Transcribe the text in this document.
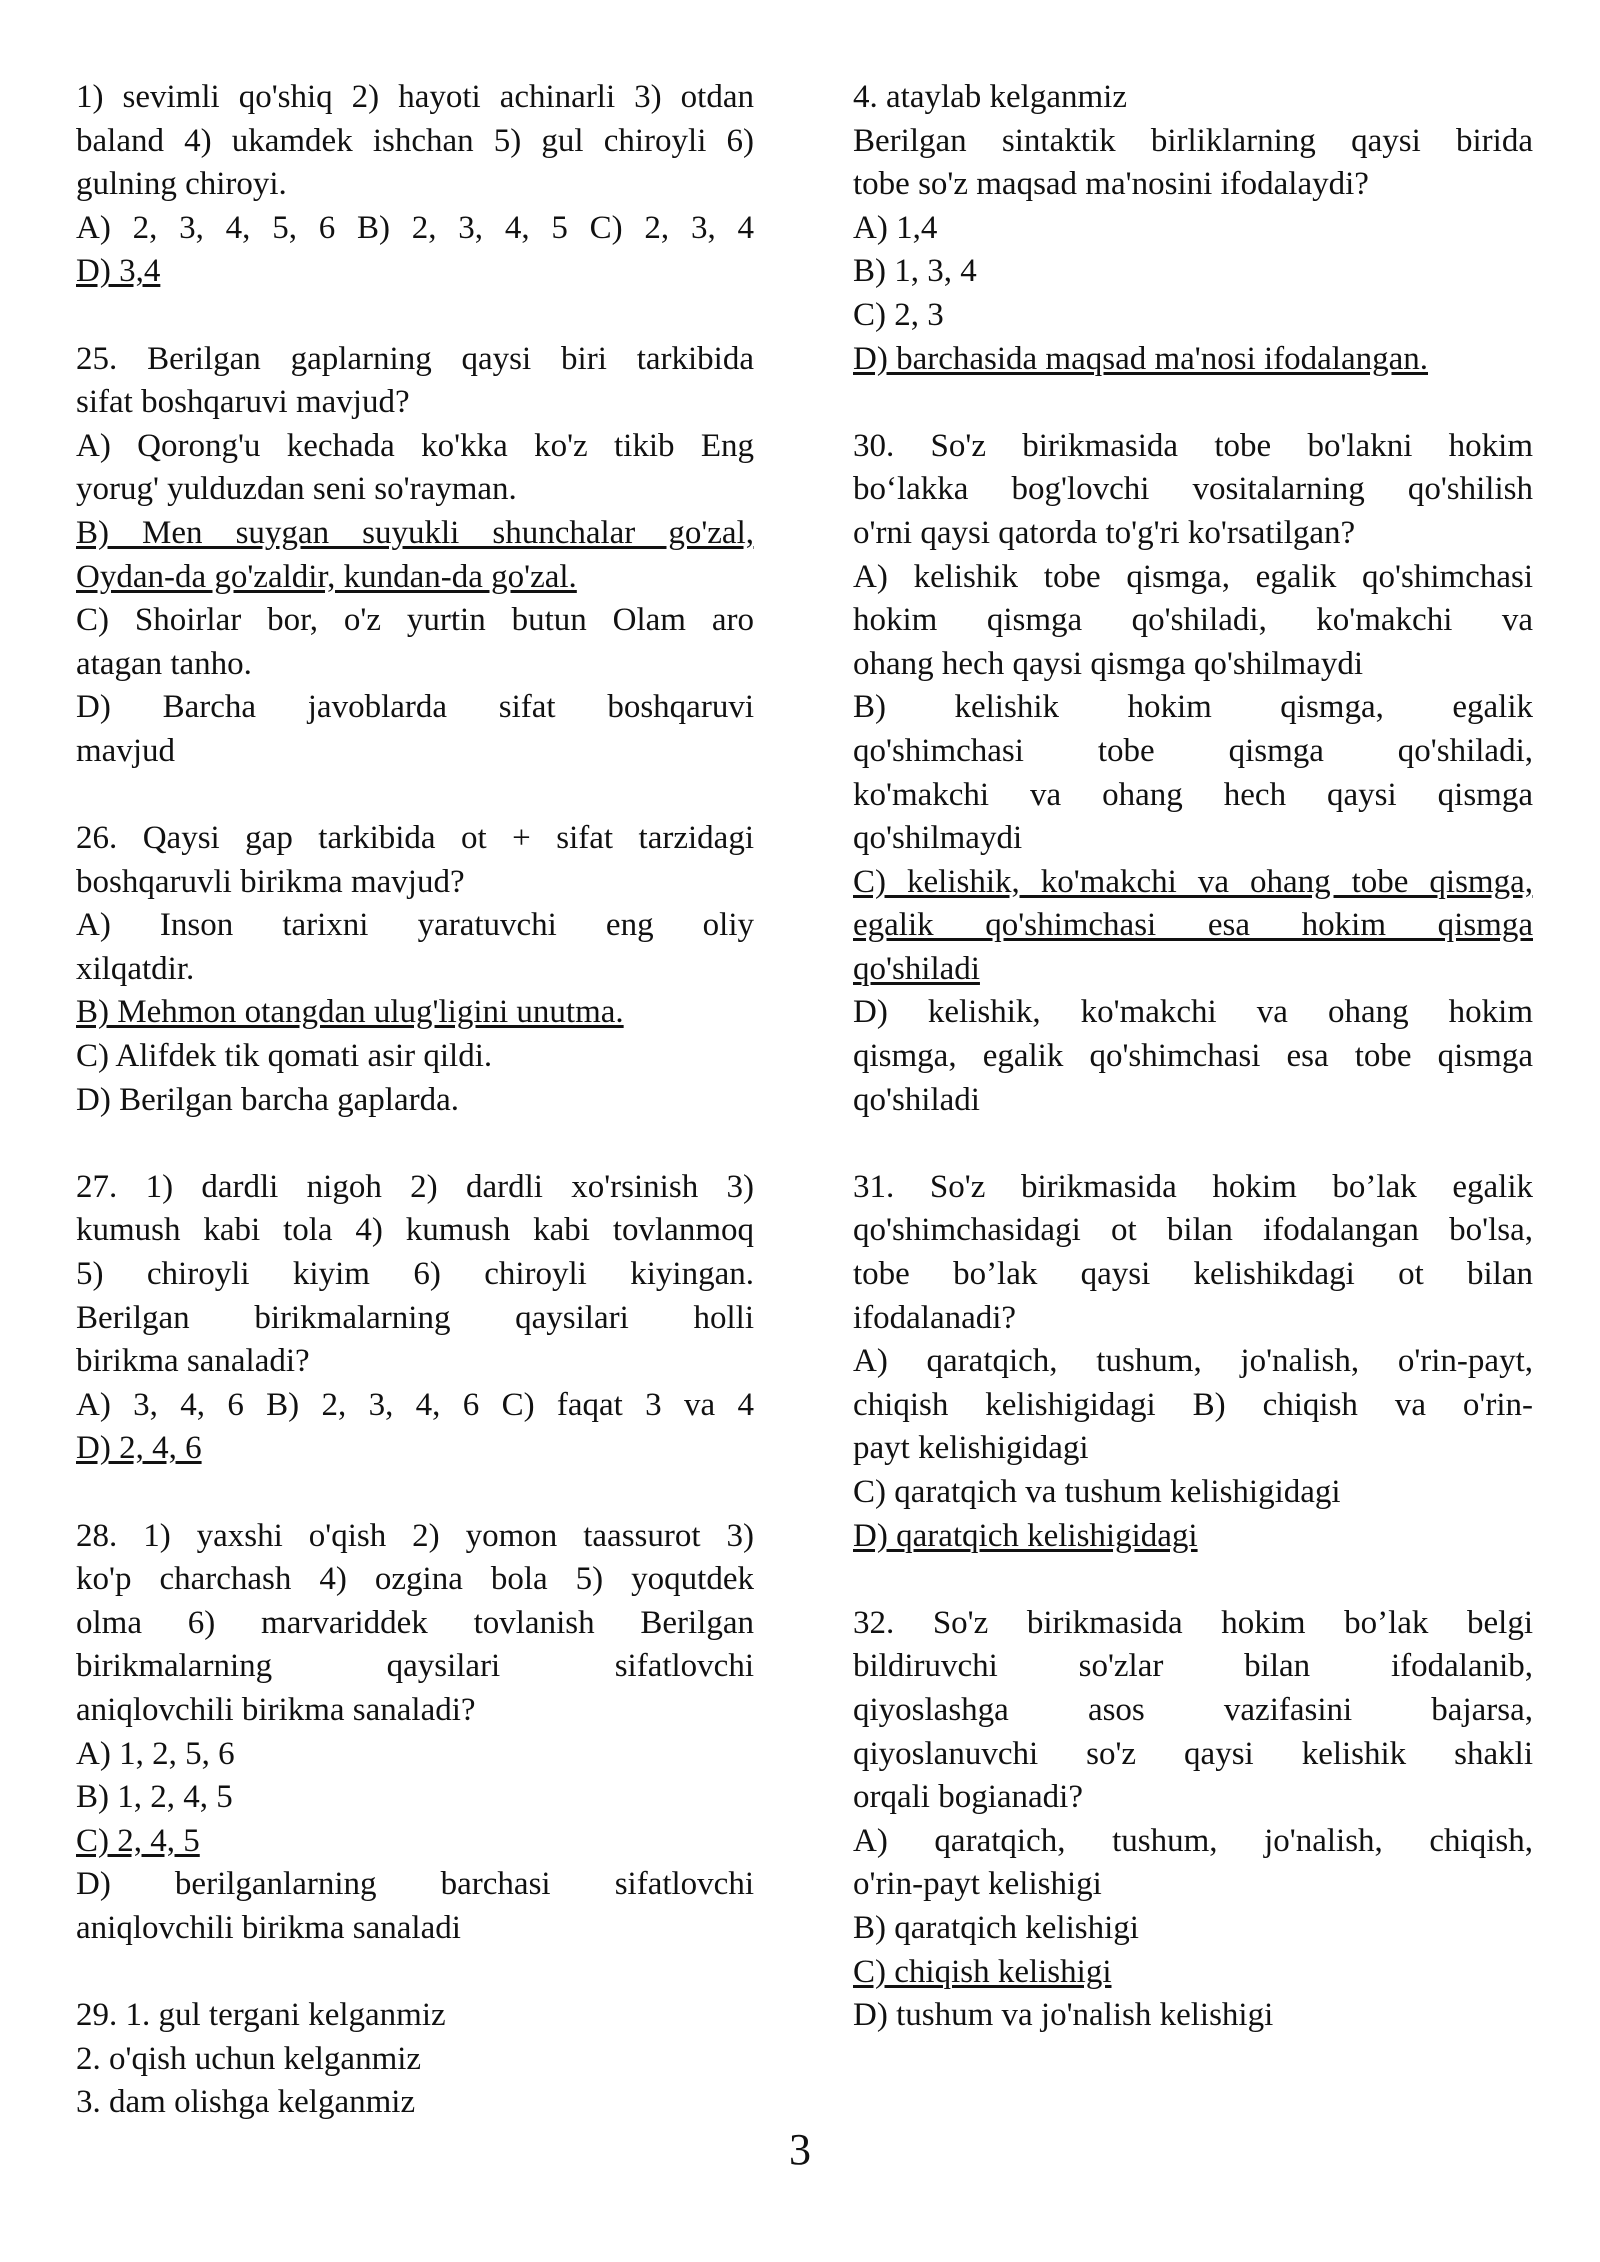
1) sevimli qo'shiq 2) hayoti achinarli 3) otdan
baland 4) ukamdek ishchan 5) gul chiroyli 6)
gulning chiroyi.
A) 2, 3, 4, 5, 6 B) 2, 3, 4, 5 C) 2, 3, 4
D) 3,4
25. Berilgan gaplarning qaysi biri tarkibida
sifat boshqaruvi mavjud?
A) Qorong'u kechada ko'kka ko'z tikib Eng
yorug' yulduzdan seni so'rayman.
B) Men suygan suyukli shunchalar go'zal,
Oydan-da go'zaldir, kundan-da go'zal.
C) Shoirlar bor, o'z yurtin butun Olam aro
atagan tanho.
D) Barcha javoblarda sifat boshqaruvi
mavjud
26. Qaysi gap tarkibida ot + sifat tarzidagi
boshqaruvli birikma mavjud?
A) Inson tarixni yaratuvchi eng oliy
xilqatdir.
B) Mehmon otangdan ulug'ligini unutma.
C) Alifdek tik qomati asir qildi.
D) Berilgan barcha gaplarda.
27. 1) dardli nigoh 2) dardli xo'rsinish 3)
kumush kabi tola 4) kumush kabi tovlanmoq
5) chiroyli kiyim 6) chiroyli kiyingan.
Berilgan birikmalarning qaysilari holli
birikma sanaladi?
A) 3, 4, 6 B) 2, 3, 4, 6 C) faqat 3 va 4
D) 2, 4, 6
28. 1) yaxshi o'qish 2) yomon taassurot 3)
ko'p charchash 4) ozgina bola 5) yoqutdek
olma 6) marvariddek tovlanish Berilgan
birikmalarning qaysilari sifatlovchi
aniqlovchili birikma sanaladi?
A) 1, 2, 5, 6
B) 1, 2, 4, 5
C) 2, 4, 5
D) berilganlarning barchasi sifatlovchi
aniqlovchili birikma sanaladi
29. 1. gul tergani kelganmiz
2. o'qish uchun kelganmiz
3. dam olishga kelganmiz
4. ataylab kelganmiz
Berilgan sintaktik birliklarning qaysi birida
tobe so'z maqsad ma'nosini ifodalaydi?
A) 1,4
B) 1, 3, 4
C) 2, 3
D) barchasida maqsad ma'nosi ifodalangan.
30. So'z birikmasida tobe bo'lakni hokim
bo‘lakka bog'lovchi vositalarning qo'shilish
o'rni qaysi qatorda to'g'ri ko'rsatilgan?
A) kelishik tobe qismga, egalik qo'shimchasi
hokim qismga qo'shiladi, ko'makchi va
ohang hech qaysi qismga qo'shilmaydi
B) kelishik hokim qismga, egalik
qo'shimchasi tobe qismga qo'shiladi,
ko'makchi va ohang hech qaysi qismga
qo'shilmaydi
C) kelishik, ko'makchi va ohang tobe qismga,
egalik qo'shimchasi esa hokim qismga
qo'shiladi
D) kelishik, ko'makchi va ohang hokim
qismga, egalik qo'shimchasi esa tobe qismga
qo'shiladi
31. So'z birikmasida hokim bo’lak egalik
qo'shimchasidagi ot bilan ifodalangan bo'lsa,
tobe bo’lak qaysi kelishikdagi ot bilan
ifodalanadi?
A) qaratqich, tushum, jo'nalish, o'rin-payt,
chiqish kelishigidagi B) chiqish va o'rin-
payt kelishigidagi
C) qaratqich va tushum kelishigidagi
D) qaratqich kelishigidagi
32. So'z birikmasida hokim bo’lak belgi
bildiruvchi so'zlar bilan ifodalanib,
qiyoslashga asos vazifasini bajarsa,
qiyoslanuvchi so'z qaysi kelishik shakli
orqali bogianadi?
A) qaratqich, tushum, jo'nalish, chiqish,
o'rin-payt kelishigi
B) qaratqich kelishigi
C) chiqish kelishigi
D) tushum va jo'nalish kelishigi
3
